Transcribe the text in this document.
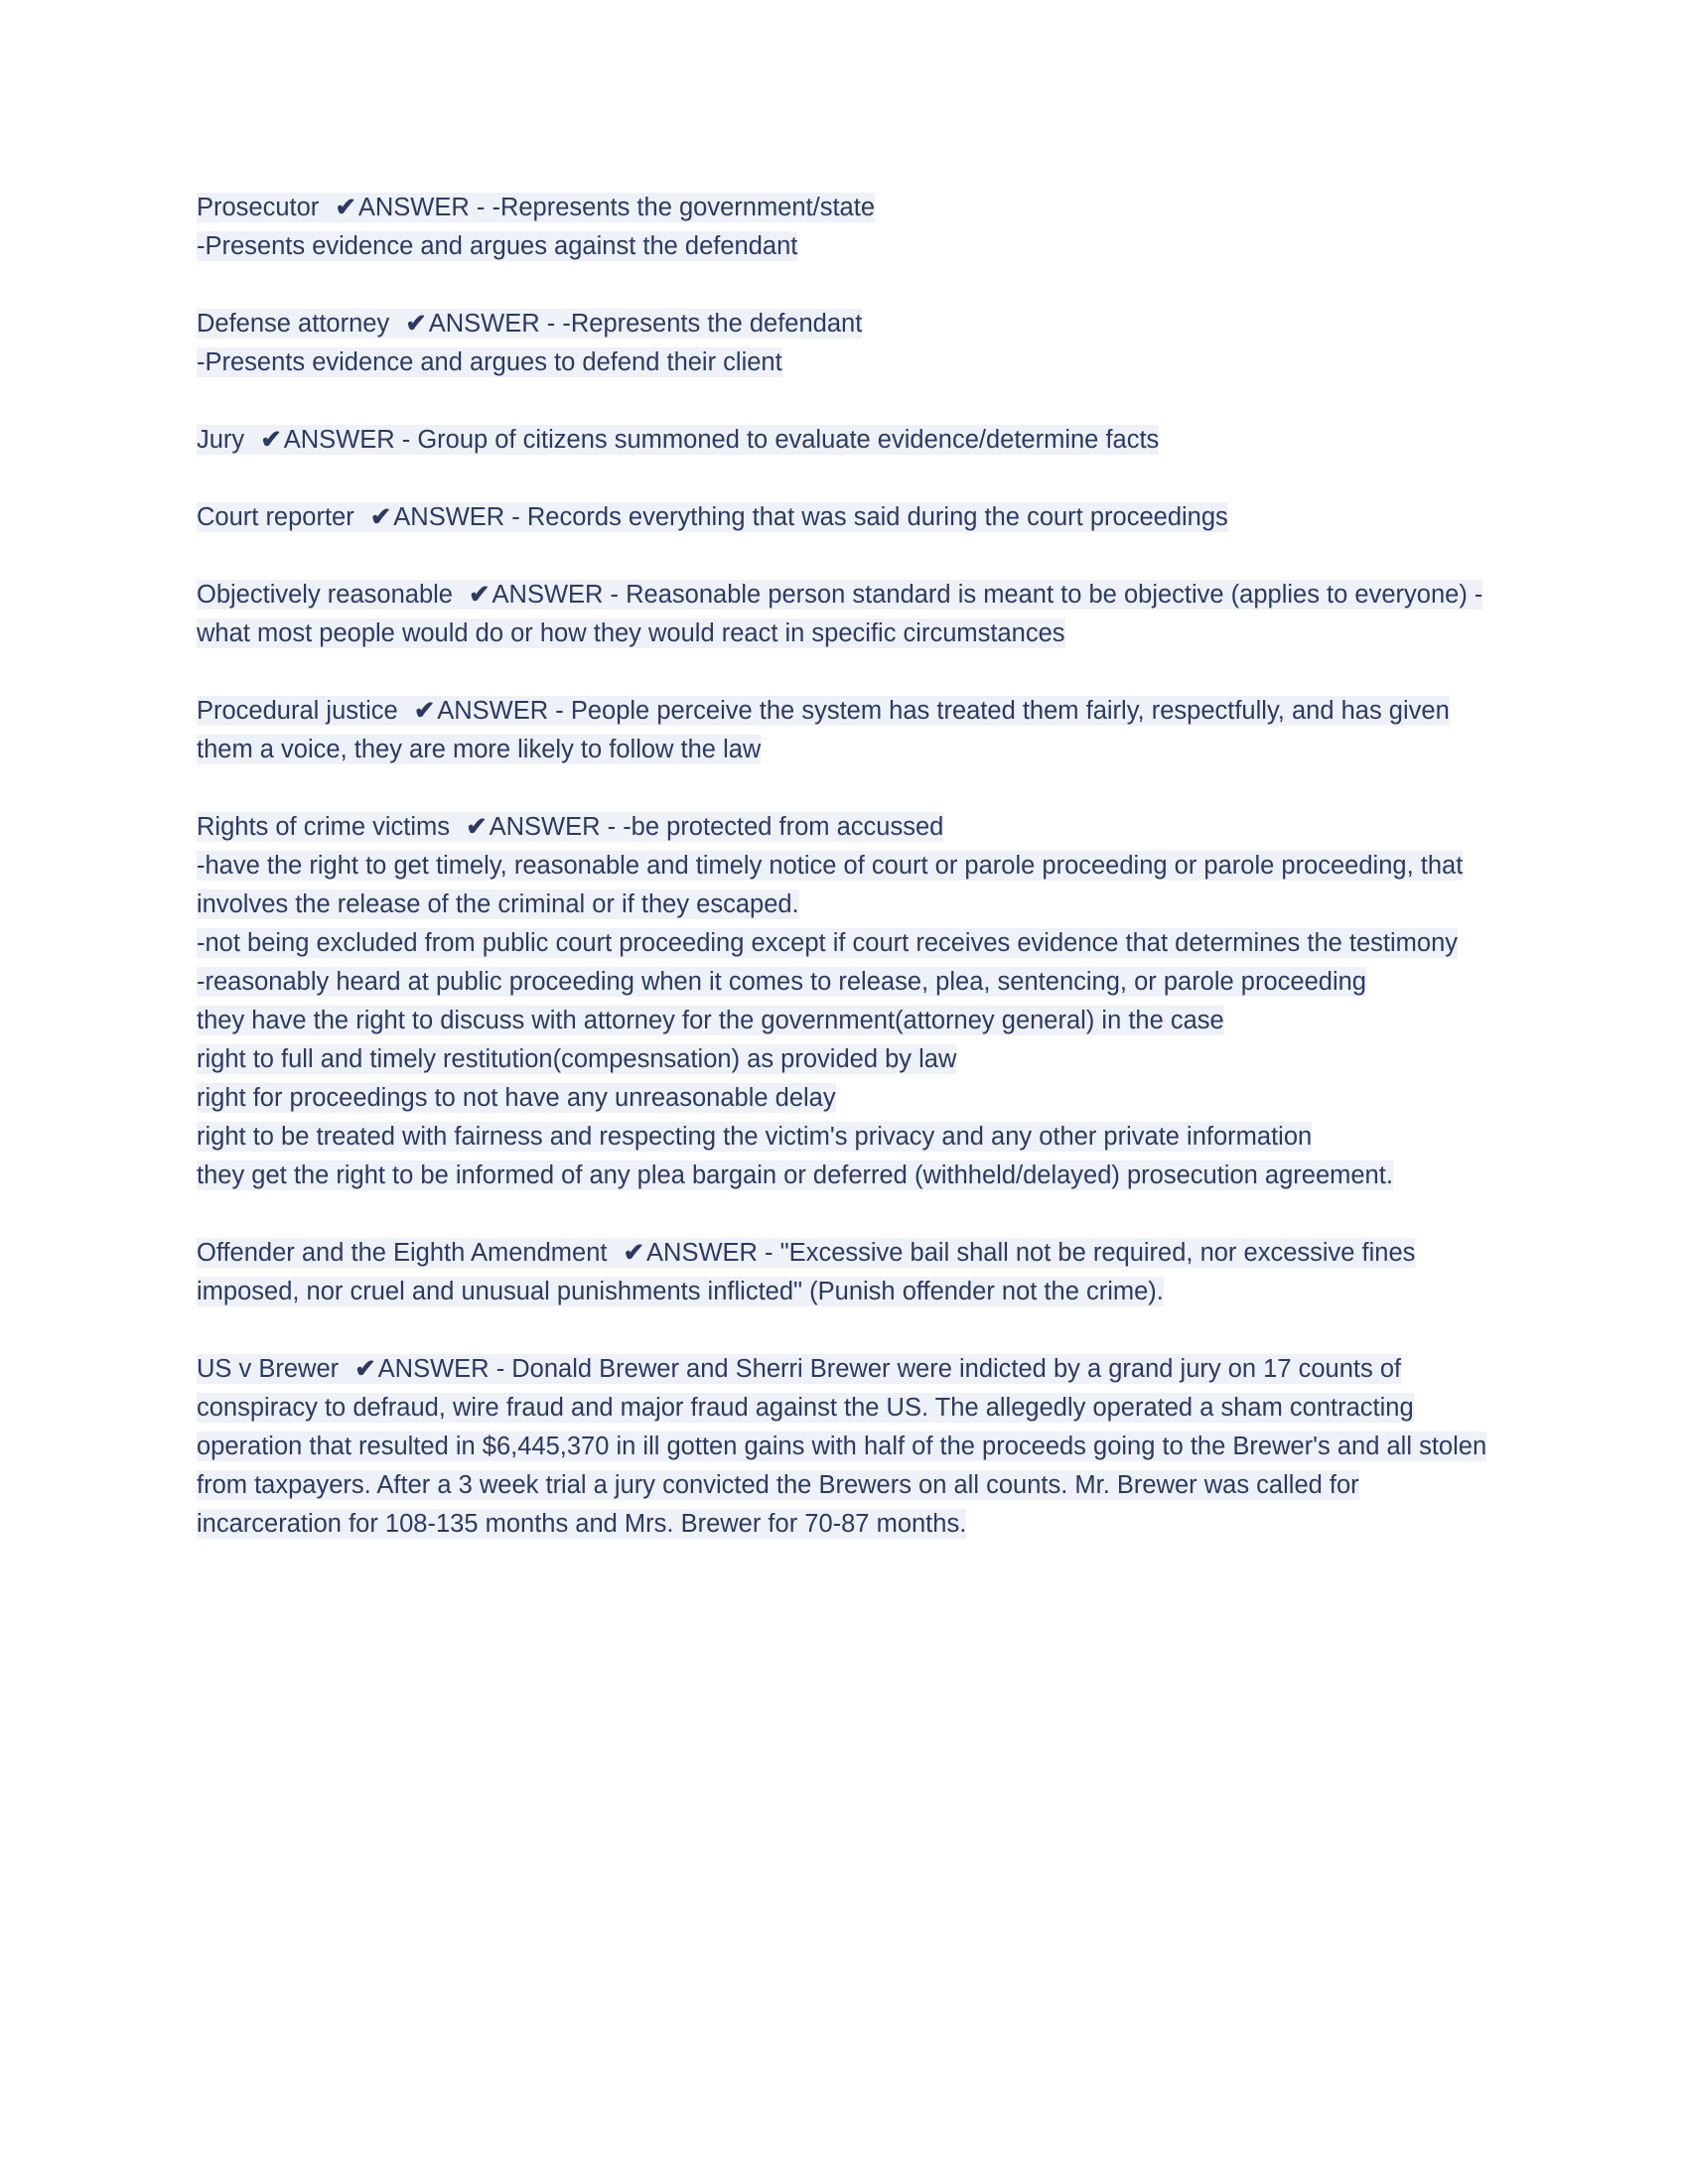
Prosecutor  ✔ANSWER - -Represents the government/state

-Presents evidence and argues against the defendant

Defense attorney  ✔ANSWER - -Represents the defendant

-Presents evidence and argues to defend their client

Jury  ✔ANSWER - Group of citizens summoned to evaluate evidence/determine facts

Court reporter  ✔ANSWER - Records everything that was said during the court proceedings

Objectively reasonable  ✔ANSWER - Reasonable person standard is meant to be objective (applies to everyone) - what most people would do or how they would react in specific circumstances

Procedural justice  ✔ANSWER - People perceive the system has treated them fairly, respectfully, and has given them a voice, they are more likely to follow the law

Rights of crime victims  ✔ANSWER - -be protected from accussed

-have the right to get timely, reasonable and timely notice of court or parole proceeding or parole proceeding, that involves the release of the criminal or if they escaped.

-not being excluded from public court proceeding except if court receives evidence that determines the testimony

-reasonably heard at public proceeding when it comes to release, plea, sentencing, or parole proceeding

they have the right to discuss with attorney for the government(attorney general) in the case

right to full and timely restitution(compesnsation) as provided by law

right for proceedings to not have any unreasonable delay

right to be treated with fairness and respecting the victim's privacy and any other private information

they get the right to be informed of any plea bargain or deferred (withheld/delayed) prosecution agreement.

Offender and the Eighth Amendment  ✔ANSWER - "Excessive bail shall not be required, nor excessive fines imposed, nor cruel and unusual punishments inflicted" (Punish offender not the crime).

US v Brewer  ✔ANSWER - Donald Brewer and Sherri Brewer were indicted by a grand jury on 17 counts of conspiracy to defraud, wire fraud and major fraud against the US. The allegedly operated a sham contracting operation that resulted in $6,445,370 in ill gotten gains with half of the proceeds going to the Brewer's and all stolen from taxpayers. After a 3 week trial a jury convicted the Brewers on all counts. Mr. Brewer was called for incarceration for 108-135 months and Mrs. Brewer for 70-87 months.
